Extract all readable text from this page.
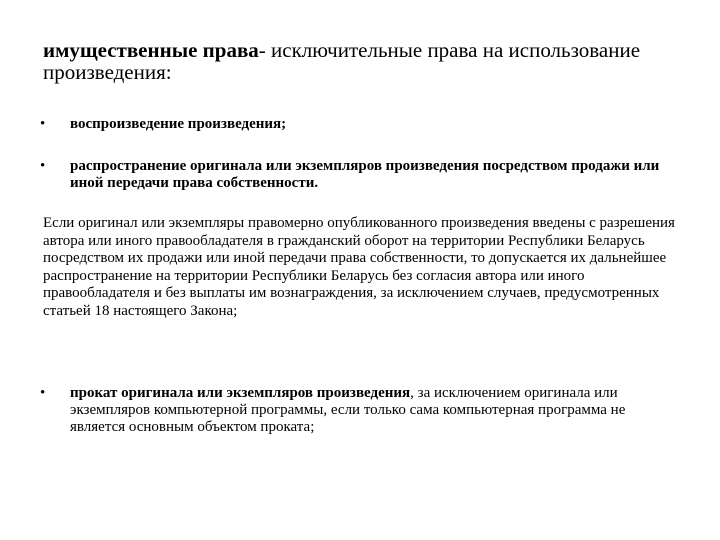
имущественные права- исключительные права на использование произведения:
•	воспроизведение произведения;
•	распространение оригинала или экземпляров произведения посредством продажи или иной передачи права собственности.
Если оригинал или экземпляры правомерно опубликованного произведения введены с разрешения автора или иного правообладателя в гражданский оборот на территории Республики Беларусь посредством их продажи или иной передачи права собственности, то допускается их дальнейшее распространение на территории Республики Беларусь без согласия автора или иного правообладателя и без выплаты им вознаграждения, за исключением случаев, предусмотренных статьей 18 настоящего Закона;
•	прокат оригинала или экземпляров произведения, за исключением оригинала или экземпляров компьютерной программы, если только сама компьютерная программа не является основным объектом проката;
